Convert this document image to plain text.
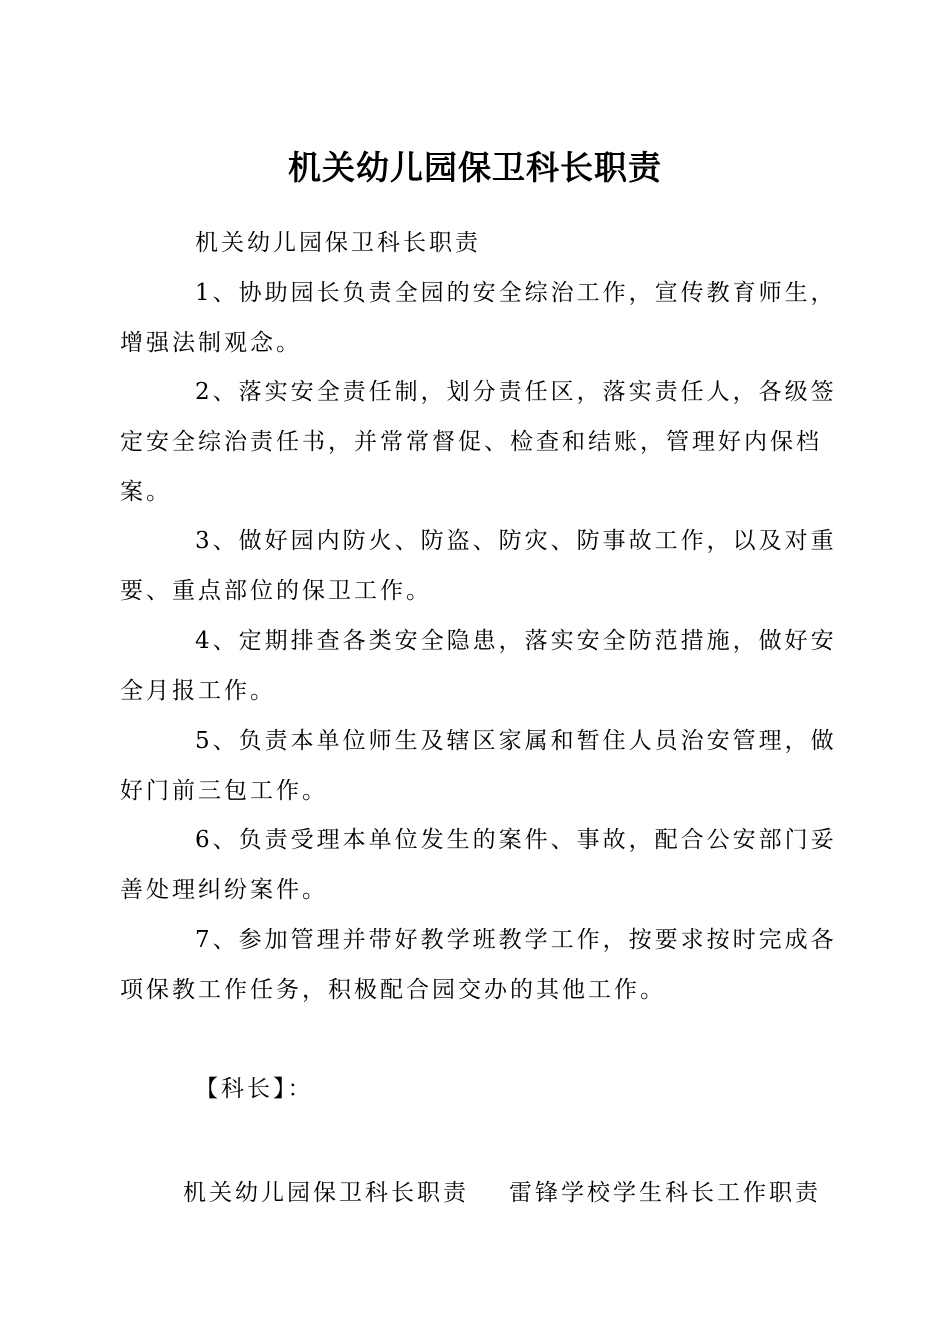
机关幼儿园保卫科长职责
机关幼儿园保卫科长职责
1、协助园长负责全园的安全综治工作，宣传教育师生，增强法制观念。
2、落实安全责任制，划分责任区，落实责任人，各级签定安全综治责任书，并常常督促、检查和结账，管理好内保档案。
3、做好园内防火、防盗、防灾、防事故工作，以及对重要、重点部位的保卫工作。
4、定期排查各类安全隐患，落实安全防范措施，做好安全月报工作。
5、负责本单位师生及辖区家属和暂住人员治安管理，做好门前三包工作。
6、负责受理本单位发生的案件、事故，配合公安部门妥善处理纠纷案件。
7、参加管理并带好教学班教学工作，按要求按时完成各项保教工作任务，积极配合园交办的其他工作。
【科长】：
机关幼儿园保卫科长职责 雷锋学校学生科长工作职责
